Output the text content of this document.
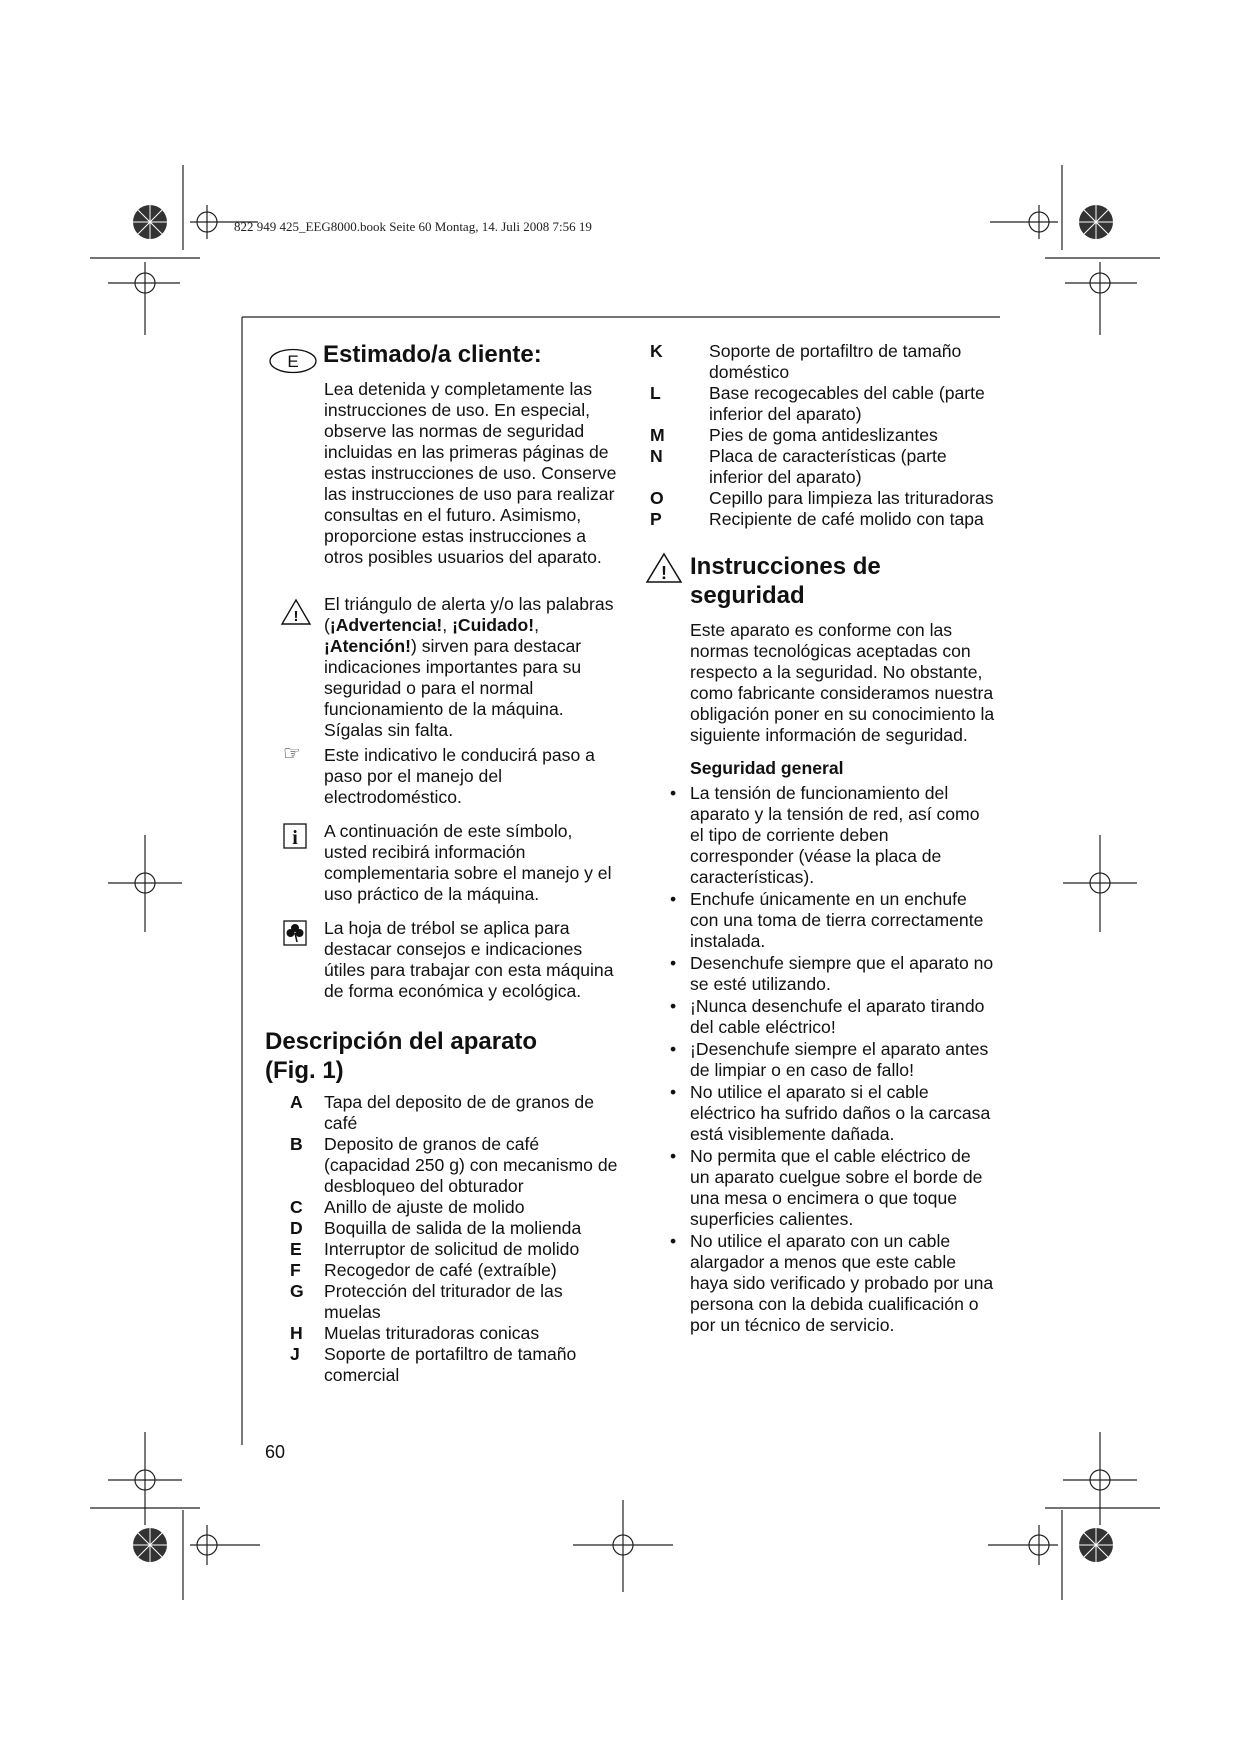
822 949 425_EEG8000.book Seite 60 Montag, 14. Juli 2008 7:56 19
E Estimado/a cliente:

Lea detenida y completamente las instrucciones de uso. En especial, observe las normas de seguridad incluidas en las primeras páginas de estas instrucciones de uso. Conserve las instrucciones de uso para realizar consultas en el futuro. Asimismo, proporcione estas instrucciones a otros posibles usuarios del aparato.

!
El triángulo de alerta y/o las palabras (¡Advertencia!, ¡Cuidado!, ¡Atención!) sirven para destacar indicaciones importantes para su seguridad o para el normal funcionamiento de la máquina. Sígalas sin falta.
☞ Este indicativo le conducirá paso a paso por el manejo del electrodoméstico.
i A continuación de este símbolo, usted recibirá información complementaria sobre el manejo y el uso práctico de la máquina.
La hoja de trébol se aplica para destacar consejos e indicaciones útiles para trabajar con esta máquina de forma económica y ecológica.
Descripción del aparato
(Fig. 1)
A Tapa del deposito de de granos de café
B Deposito de granos de café (capacidad 250 g) con mecanismo de desbloqueo del obturador
C Anillo de ajuste de molido
D Boquilla de salida de la molienda
E Interruptor de solicitud de molido
F Recogedor de café (extraíble)
G Protección del triturador de las muelas
H Muelas trituradoras conicas
J Soporte de portafiltro de tamaño comercial
K	Soporte de portafiltro de tamaño doméstico
L	Base recogecables del cable (parte inferior del aparato)
M	Pies de goma antideslizantes
N	Placa de características (parte inferior del aparato)
O	Cepillo para limpieza las trituradoras
P	Recipiente de café molido con tapa
! Instrucciones de
seguridad

Este aparato es conforme con las normas tecnológicas aceptadas con respecto a la seguridad. No obstante, como fabricante consideramos nuestra obligación poner en su conocimiento la siguiente información de seguridad.

Seguridad general
• La tensión de funcionamiento del aparato y la tensión de red, así como el tipo de corriente deben corresponder (véase la placa de características).
• Enchufe únicamente en un enchufe con una toma de tierra correctamente instalada.
• Desenchufe siempre que el aparato no se esté utilizando.
• ¡Nunca desenchufe el aparato tirando del cable eléctrico!
• ¡Desenchufe siempre el aparato antes de limpiar o en caso de fallo!
• No utilice el aparato si el cable eléctrico ha sufrido daños o la carcasa está visiblemente dañada.
• No permita que el cable eléctrico de un aparato cuelgue sobre el borde de una mesa o encimera o que toque superficies calientes.
• No utilice el aparato con un cable alargador a menos que este cable haya sido verificado y probado por una persona con la debida cualificación o por un técnico de servicio.
60
